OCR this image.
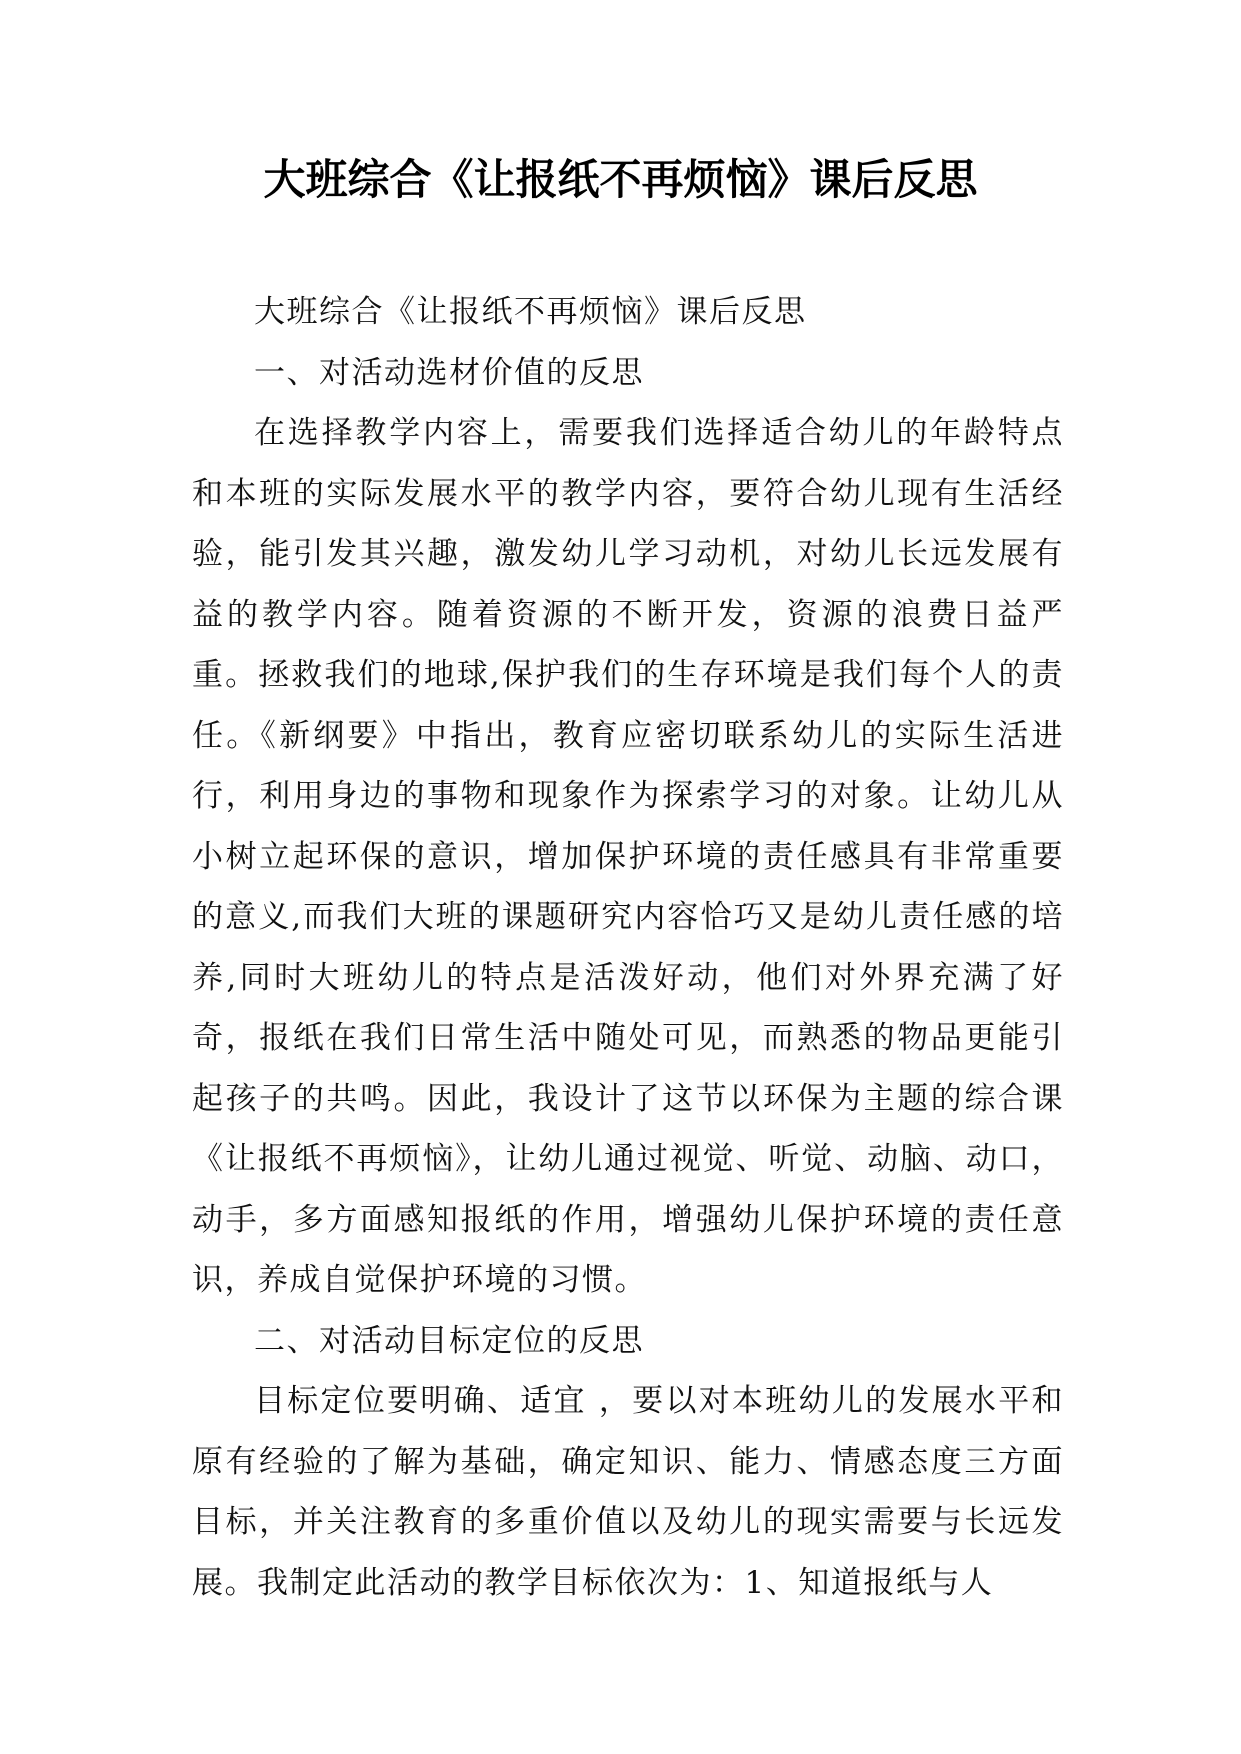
大班综合《让报纸不再烦恼》课后反思

大班综合《让报纸不再烦恼》课后反思

一、对活动选材价值的反思

在选择教学内容上，需要我们选择适合幼儿的年龄特点和本班的实际发展水平的教学内容，要符合幼儿现有生活经验，能引发其兴趣，激发幼儿学习动机，对幼儿长远发展有益的教学内容。随着资源的不断开发，资源的浪费日益严重。拯救我们的地球,保护我们的生存环境是我们每个人的责任。《新纲要》中指出，教育应密切联系幼儿的实际生活进行，利用身边的事物和现象作为探索学习的对象。让幼儿从小树立起环保的意识，增加保护环境的责任感具有非常重要的意义,而我们大班的课题研究内容恰巧又是幼儿责任感的培养,同时大班幼儿的特点是活泼好动，他们对外界充满了好奇，报纸在我们日常生活中随处可见，而熟悉的物品更能引起孩子的共鸣。因此，我设计了这节以环保为主题的综合课《让报纸不再烦恼》，让幼儿通过视觉、听觉、动脑、动口，动手，多方面感知报纸的作用，增强幼儿保护环境的责任意识，养成自觉保护环境的习惯。

二、对活动目标定位的反思

目标定位要明确、适宜 ，要以对本班幼儿的发展水平和原有经验的了解为基础，确定知识、能力、情感态度三方面目标，并关注教育的多重价值以及幼儿的现实需要与长远发展。我制定此活动的教学目标依次为：1、知道报纸与人
